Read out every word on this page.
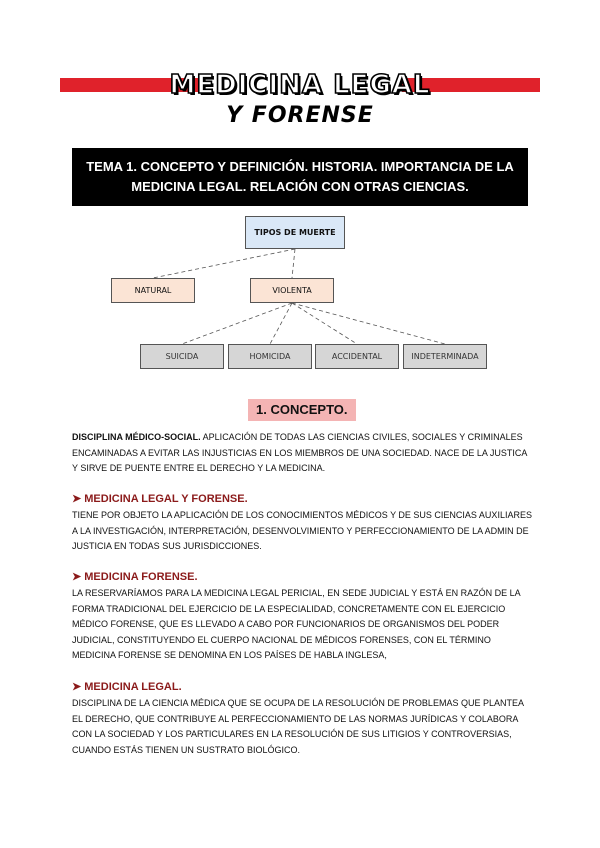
MEDICINA LEGAL
Y FORENSE
TEMA 1. CONCEPTO Y DEFINICIÓN. HISTORIA. IMPORTANCIA DE LA MEDICINA LEGAL. RELACIÓN CON OTRAS CIENCIAS.
TIPOS DE MUERTE
NATURAL	VIOLENTA
SUICIDA	HOMICIDA	ACCIDENTAL	INDETERMINADA
1. CONCEPTO.
DISCIPLINA MÉDICO-SOCIAL. APLICACIÓN DE TODAS LAS CIENCIAS CIVILES, SOCIALES Y CRIMINALES ENCAMINADAS A EVITAR LAS INJUSTICIAS EN LOS MIEMBROS DE UNA SOCIEDAD. NACE DE LA JUSTICA Y SIRVE DE PUENTE ENTRE EL DERECHO Y LA MEDICINA.
➤ MEDICINA LEGAL Y FORENSE.
TIENE POR OBJETO LA APLICACIÓN DE LOS CONOCIMIENTOS MÉDICOS Y DE SUS CIENCIAS AUXILIARES A LA INVESTIGACIÓN, INTERPRETACIÓN, DESENVOLVIMIENTO Y PERFECCIONAMIENTO DE LA ADMIN DE JUSTICIA EN TODAS SUS JURISDICCIONES.
➤ MEDICINA FORENSE.
LA RESERVARÍAMOS PARA LA MEDICINA LEGAL PERICIAL, EN SEDE JUDICIAL Y ESTÁ EN RAZÓN DE LA FORMA TRADICIONAL DEL EJERCICIO DE LA ESPECIALIDAD, CONCRETAMENTE CON EL EJERCICIO MÉDICO FORENSE, QUE ES LLEVADO A CABO POR FUNCIONARIOS DE ORGANISMOS DEL PODER JUDICIAL, CONSTITUYENDO EL CUERPO NACIONAL DE MÉDICOS FORENSES, CON EL TÉRMINO MEDICINA FORENSE SE DENOMINA EN LOS PAÍSES DE HABLA INGLESA,
➤ MEDICINA LEGAL.
DISCIPLINA DE LA CIENCIA MÉDICA QUE SE OCUPA DE LA RESOLUCIÓN DE PROBLEMAS QUE PLANTEA EL DERECHO, QUE CONTRIBUYE AL PERFECCIONAMIENTO DE LAS NORMAS JURÍDICAS Y COLABORA CON LA SOCIEDAD Y LOS PARTICULARES EN LA RESOLUCIÓN DE SUS LITIGIOS Y CONTROVERSIAS, CUANDO ESTÁS TIENEN UN SUSTRATO BIOLÓGICO.
